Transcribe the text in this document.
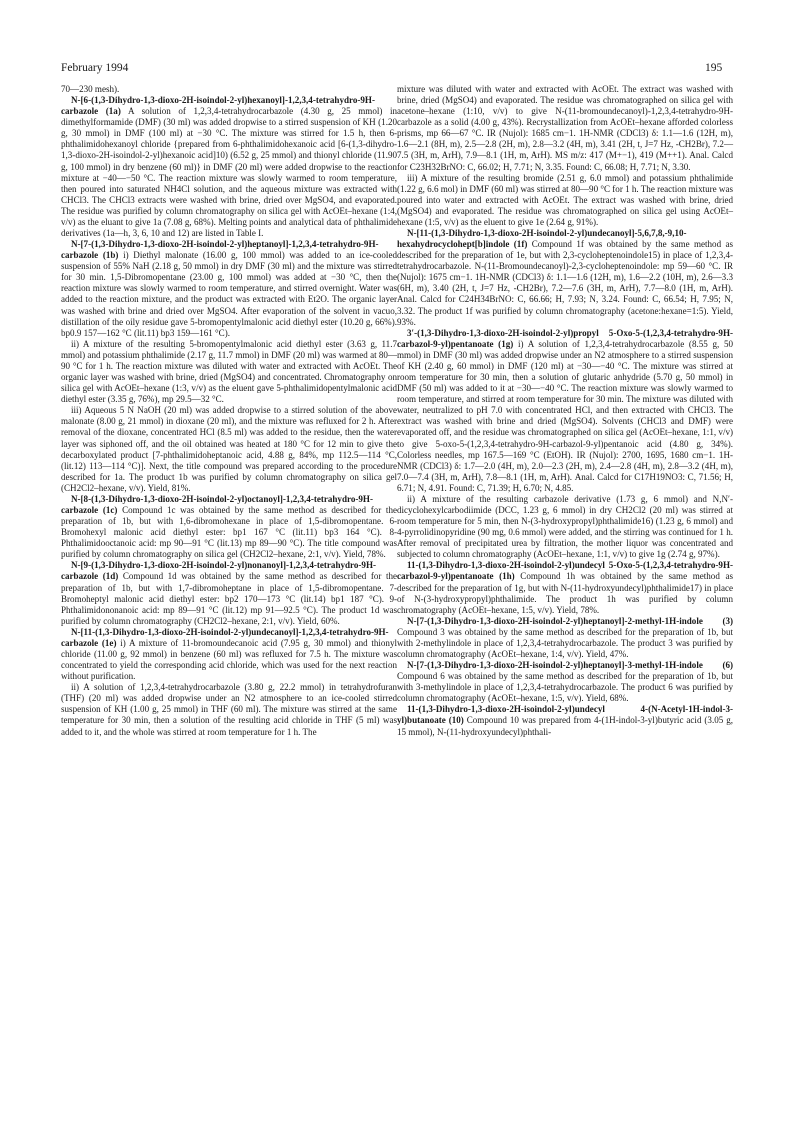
February 1994	195

70—230 mesh).

N-[6-(1,3-Dihydro-1,3-dioxo-2H-isoindol-2-yl)hexanoyl]-1,2,3,4-tetrahydro-9H-carbazole (1a) A solution of 1,2,3,4-tetrahydrocarbazole (4.30 g, 25 mmol) in dimethylformamide (DMF) (30 ml) was added dropwise to a stirred suspension of KH (1.20 g, 30 mmol) in DMF (100 ml) at −30 °C. The mixture was stirred for 1.5 h, then 6-phthalimidohexanoyl chloride {prepared from 6-phthalimidohexanoic acid [6-(1,3-dihydro-1,3-dioxo-2H-isoindol-2-yl)hexanoic acid]10) (6.52 g, 25 mmol) and thionyl chloride (11.90 g, 100 mmol) in dry benzene (60 ml)} in DMF (20 ml) were added dropwise to the reaction mixture at −40—−50 °C. The reaction mixture was slowly warmed to room temperature, then poured into saturated NH4Cl solution, and the aqueous mixture was extracted with CHCl3. The CHCl3 extracts were washed with brine, dried over MgSO4, and evaporated. The residue was purified by column chromatography on silica gel with AcOEt–hexane (1:4, v/v) as the eluant to give 1a (7.08 g, 68%). Melting points and analytical data of phthalimide derivatives (1a—h, 3, 6, 10 and 12) are listed in Table I.

N-[7-(1,3-Dihydro-1,3-dioxo-2H-isoindol-2-yl)heptanoyl]-1,2,3,4-tetrahydro-9H-carbazole (1b) i) Diethyl malonate (16.00 g, 100 mmol) was added to an ice-cooled suspension of 55% NaH (2.18 g, 50 mmol) in dry DMF (30 ml) and the mixture was stirred for 30 min. 1,5-Dibromopentane (23.00 g, 100 mmol) was added at −30 °C, then the reaction mixture was slowly warmed to room temperature, and stirred overnight. Water was added to the reaction mixture, and the product was extracted with Et2O. The organic layer was washed with brine and dried over MgSO4. After evaporation of the solvent in vacuo, distillation of the oily residue gave 5-bromopentylmalonic acid diethyl ester (10.20 g, 66%). bp0.9 157—162 °C (lit.11) bp3 159—161 °C).

ii) A mixture of the resulting 5-bromopentylmalonic acid diethyl ester (3.63 g, 11.7 mmol) and potassium phthalimide (2.17 g, 11.7 mmol) in DMF (20 ml) was warmed at 80—90 °C for 1 h. The reaction mixture was diluted with water and extracted with AcOEt. The organic layer was washed with brine, dried (MgSO4) and concentrated. Chromatography on silica gel with AcOEt–hexane (1:3, v/v) as the eluent gave 5-phthalimidopentylmalonic acid diethyl ester (3.35 g, 76%), mp 29.5—32 °C.

iii) Aqueous 5 N NaOH (20 ml) was added dropwise to a stirred solution of the above malonate (8.00 g, 21 mmol) in dioxane (20 ml), and the mixture was refluxed for 2 h. After removal of the dioxane, concentrated HCl (8.5 ml) was added to the residue, then the water layer was siphoned off, and the oil obtained was heated at 180 °C for 12 min to give the decarboxylated product [7-phthalimidoheptanoic acid, 4.88 g, 84%, mp 112.5—114 °C, (lit.12) 113—114 °C)]. Next, the title compound was prepared according to the procedure described for 1a. The product 1b was purified by column chromatography on silica gel (CH2Cl2–hexane, v/v). Yield, 81%.

N-[8-(1,3-Dihydro-1,3-dioxo-2H-isoindol-2-yl)octanoyl]-1,2,3,4-tetrahydro-9H-carbazole (1c) Compound 1c was obtained by the same method as described for the preparation of 1b, but with 1,6-dibromohexane in place of 1,5-dibromopentane. 6-Bromohexyl malonic acid diethyl ester: bp1 167 °C (lit.11) bp3 164 °C). 8-Phthalimidooctanoic acid: mp 90—91 °C (lit.13) mp 89—90 °C). The title compound was purified by column chromatography on silica gel (CH2Cl2–hexane, 2:1, v/v). Yield, 78%.

N-[9-(1,3-Dihydro-1,3-dioxo-2H-isoindol-2-yl)nonanoyl]-1,2,3,4-tetrahydro-9H-carbazole (1d) Compound 1d was obtained by the same method as described for the preparation of 1b, but with 1,7-dibromoheptane in place of 1,5-dibromopentane. 7-Bromoheptyl malonic acid diethyl ester: bp2 170—173 °C (lit.14) bp1 187 °C). 9-Phthalimidononanoic acid: mp 89—91 °C (lit.12) mp 91—92.5 °C). The product 1d was purified by column chromatography (CH2Cl2–hexane, 2:1, v/v). Yield, 60%.

N-[11-(1,3-Dihydro-1,3-dioxo-2H-isoindol-2-yl)undecanoyl]-1,2,3,4-tetrahydro-9H-carbazole (1e) i) A mixture of 11-bromoundecanoic acid (7.95 g, 30 mmol) and thionyl chloride (11.00 g, 92 mmol) in benzene (60 ml) was refluxed for 7.5 h. The mixture was concentrated to yield the corresponding acid chloride, which was used for the next reaction without purification.

ii) A solution of 1,2,3,4-tetrahydrocarbazole (3.80 g, 22.2 mmol) in tetrahydrofuran (THF) (20 ml) was added dropwise under an N2 atmosphere to an ice-cooled stirred suspension of KH (1.00 g, 25 mmol) in THF (60 ml). The mixture was stirred at the same temperature for 30 min, then a solution of the resulting acid chloride in THF (5 ml) was added to it, and the whole was stirred at room temperature for 1 h. The

mixture was diluted with water and extracted with AcOEt. The extract was washed with brine, dried (MgSO4) and evaporated. The residue was chromatographed on silica gel with acetone–hexane (1:10, v/v) to give N-(11-bromoundecanoyl)-1,2,3,4-tetrahydro-9H-carbazole as a solid (4.00 g, 43%). Recrystallization from AcOEt–hexane afforded colorless prisms, mp 66—67 °C. IR (Nujol): 1685 cm−1. 1H-NMR (CDCl3) δ: 1.1—1.6 (12H, m), 1.6—2.1 (8H, m), 2.5—2.8 (2H, m), 2.8—3.2 (4H, m), 3.41 (2H, t, J=7 Hz, -CH2Br), 7.2—7.5 (3H, m, ArH), 7.9—8.1 (1H, m, ArH). MS m/z: 417 (M+−1), 419 (M++1). Anal. Calcd for C23H32BrNO: C, 66.02; H, 7.71; N, 3.35. Found: C, 66.08; H, 7.71; N, 3.30.

iii) A mixture of the resulting bromide (2.51 g, 6.0 mmol) and potassium phthalimide (1.22 g, 6.6 mol) in DMF (60 ml) was stirred at 80—90 °C for 1 h. The reaction mixture was poured into water and extracted with AcOEt. The extract was washed with brine, dried (MgSO4) and evaporated. The residue was chromatographed on silica gel using AcOEt–hexane (1:5, v/v) as the eluent to give 1e (2.64 g, 91%).

N-[11-(1,3-Dihydro-1,3-dioxo-2H-isoindol-2-yl)undecanoyl]-5,6,7,8,-9,10-hexahydrocyclohept[b]indole (1f) Compound 1f was obtained by the same method as described for the preparation of 1e, but with 2,3-cycloheptenoindole15) in place of 1,2,3,4-tetrahydrocarbazole. N-(11-Bromoundecanoyl)-2,3-cycloheptenoindole: mp 59—60 °C. IR (Nujol): 1675 cm−1. 1H-NMR (CDCl3) δ: 1.1—1.6 (12H, m), 1.6—2.2 (10H, m), 2.6—3.3 (6H, m), 3.40 (2H, t, J=7 Hz, -CH2Br), 7.2—7.6 (3H, m, ArH), 7.7—8.0 (1H, m, ArH). Anal. Calcd for C24H34BrNO: C, 66.66; H, 7.93; N, 3.24. Found: C, 66.54; H, 7.95; N, 3.32. The product 1f was purified by column chromatography (acetone:hexane=1:5). Yield, 93%.

3′-(1,3-Dihydro-1,3-dioxo-2H-isoindol-2-yl)propyl 5-Oxo-5-(1,2,3,4-tetrahydro-9H-carbazol-9-yl)pentanoate (1g) i) A solution of 1,2,3,4-tetrahydrocarbazole (8.55 g, 50 mmol) in DMF (30 ml) was added dropwise under an N2 atmosphere to a stirred suspension of KH (2.40 g, 60 mmol) in DMF (120 ml) at −30—−40 °C. The mixture was stirred at room temperature for 30 min, then a solution of glutaric anhydride (5.70 g, 50 mmol) in DMF (50 ml) was added to it at −30—−40 °C. The reaction mixture was slowly warmed to room temperature, and stirred at room temperature for 30 min. The mixture was diluted with water, neutralized to pH 7.0 with concentrated HCl, and then extracted with CHCl3. The extract was washed with brine and dried (MgSO4). Solvents (CHCl3 and DMF) were evaporated off, and the residue was chromatographed on silica gel (AcOEt–hexane, 1:1, v/v) to give 5-oxo-5-(1,2,3,4-tetrahydro-9H-carbazol-9-yl)pentanoic acid (4.80 g, 34%). Colorless needles, mp 167.5—169 °C (EtOH). IR (Nujol): 2700, 1695, 1680 cm−1. 1H-NMR (CDCl3) δ: 1.7—2.0 (4H, m), 2.0—2.3 (2H, m), 2.4—2.8 (4H, m), 2.8—3.2 (4H, m), 7.0—7.4 (3H, m, ArH), 7.8—8.1 (1H, m, ArH). Anal. Calcd for C17H19NO3: C, 71.56; H, 6.71; N, 4.91. Found: C, 71.39; H, 6.70; N, 4.85.

ii) A mixture of the resulting carbazole derivative (1.73 g, 6 mmol) and N,N′-dicyclohexylcarbodiimide (DCC, 1.23 g, 6 mmol) in dry CH2Cl2 (20 ml) was stirred at room temperature for 5 min, then N-(3-hydroxypropyl)phthalimide16) (1.23 g, 6 mmol) and 4-pyrrolidinopyridine (90 mg, 0.6 mmol) were added, and the stirring was continued for 1 h. After removal of precipitated urea by filtration, the mother liquor was concentrated and subjected to column chromatography (AcOEt–hexane, 1:1, v/v) to give 1g (2.74 g, 97%).

11-(1,3-Dihydro-1,3-dioxo-2H-isoindol-2-yl)undecyl 5-Oxo-5-(1,2,3,4-tetrahydro-9H-carbazol-9-yl)pentanoate (1h) Compound 1h was obtained by the same method as described for the preparation of 1g, but with N-(11-hydroxyundecyl)phthalimide17) in place of N-(3-hydroxypropyl)phthalimide. The product 1h was purified by column chromatography (AcOEt–hexane, 1:5, v/v). Yield, 78%.

N-[7-(1,3-Dihydro-1,3-dioxo-2H-isoindol-2-yl)heptanoyl]-2-methyl-1H-indole (3) Compound 3 was obtained by the same method as described for the preparation of 1b, but with 2-methylindole in place of 1,2,3,4-tetrahydrocarbazole. The product 3 was purified by column chromatography (AcOEt–hexane, 1:4, v/v). Yield, 47%.

N-[7-(1,3-Dihydro-1,3-dioxo-2H-isoindol-2-yl)heptanoyl]-3-methyl-1H-indole (6) Compound 6 was obtained by the same method as described for the preparation of 1b, but with 3-methylindole in place of 1,2,3,4-tetrahydrocarbazole. The product 6 was purified by column chromatography (AcOEt–hexane, 1:5, v/v). Yield, 68%.

11-(1,3-Dihydro-1,3-dioxo-2H-isoindol-2-yl)undecyl 4-(N-Acetyl-1H-indol-3-yl)butanoate (10) Compound 10 was prepared from 4-(1H-indol-3-yl)butyric acid (3.05 g, 15 mmol), N-(11-hydroxyundecyl)phthali-
